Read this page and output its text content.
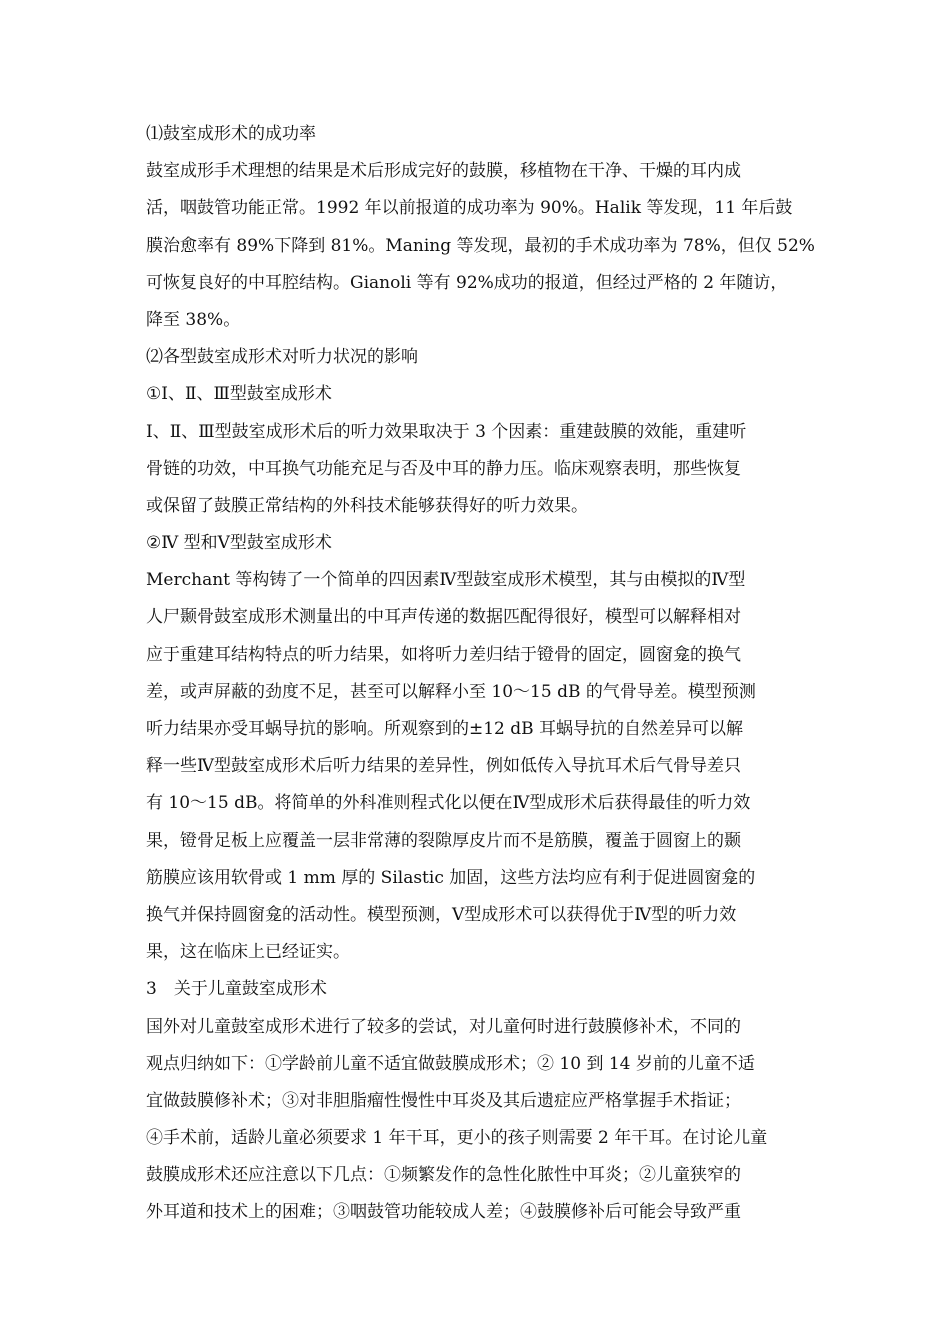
⑴鼓室成形术的成功率
鼓室成形手术理想的结果是术后形成完好的鼓膜，移植物在干净、干燥的耳内成
活，咽鼓管功能正常。1992 年以前报道的成功率为 90%。Halik 等发现，11 年后鼓
膜治愈率有 89%下降到 81%。Maning 等发现，最初的手术成功率为 78%，但仅 52%
可恢复良好的中耳腔结构。Gianoli 等有 92%成功的报道，但经过严格的 2 年随访，
降至 38%。
⑵各型鼓室成形术对听力状况的影响
①Ⅰ、Ⅱ、Ⅲ型鼓室成形术
Ⅰ、Ⅱ、Ⅲ型鼓室成形术后的听力效果取决于 3 个因素：重建鼓膜的效能，重建听
骨链的功效，中耳换气功能充足与否及中耳的静力压。临床观察表明，那些恢复
或保留了鼓膜正常结构的外科技术能够获得好的听力效果。
②Ⅳ 型和Ⅴ型鼓室成形术
Merchant 等构铸了一个简单的四因素Ⅳ型鼓室成形术模型，其与由模拟的Ⅳ型
人尸颞骨鼓室成形术测量出的中耳声传递的数据匹配得很好，模型可以解释相对
应于重建耳结构特点的听力结果，如将听力差归结于镫骨的固定，圆窗龛的换气
差，或声屏蔽的劲度不足，甚至可以解释小至 10～15 dB 的气骨导差。模型预测
听力结果亦受耳蜗导抗的影响。所观察到的±12 dB 耳蜗导抗的自然差异可以解
释一些Ⅳ型鼓室成形术后听力结果的差异性，例如低传入导抗耳术后气骨导差只
有 10～15 dB。将简单的外科准则程式化以便在Ⅳ型成形术后获得最佳的听力效
果，镫骨足板上应覆盖一层非常薄的裂隙厚皮片而不是筋膜，覆盖于圆窗上的颞
筋膜应该用软骨或 1 mm 厚的 Silastic 加固，这些方法均应有利于促进圆窗龛的
换气并保持圆窗龛的活动性。模型预测，Ⅴ型成形术可以获得优于Ⅳ型的听力效
果，这在临床上已经证实。
3　关于儿童鼓室成形术
国外对儿童鼓室成形术进行了较多的尝试，对儿童何时进行鼓膜修补术，不同的
观点归纳如下：①学龄前儿童不适宜做鼓膜成形术；② 10 到 14 岁前的儿童不适
宜做鼓膜修补术；③对非胆脂瘤性慢性中耳炎及其后遗症应严格掌握手术指证；
④手术前，适龄儿童必须要求 1 年干耳，更小的孩子则需要 2 年干耳。在讨论儿童
鼓膜成形术还应注意以下几点：①频繁发作的急性化脓性中耳炎；②儿童狭窄的
外耳道和技术上的困难；③咽鼓管功能较成人差；④鼓膜修补后可能会导致严重
